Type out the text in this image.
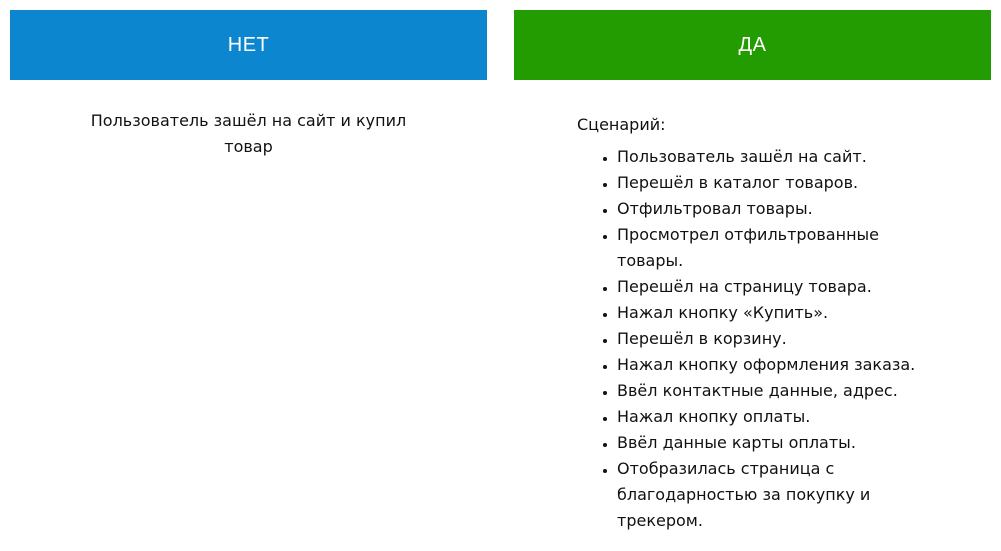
НЕТ
Пользователь зашёл на сайт и купил товар
ДА

Сценарий:

• Пользователь зашёл на сайт.
• Перешёл в каталог товаров.
• Отфильтровал товары.
• Просмотрел отфильтрованные товары.
• Перешёл на страницу товара.
• Нажал кнопку «Купить».
• Перешёл в корзину.
• Нажал кнопку оформления заказа.
• Ввёл контактные данные, адрес.
• Нажал кнопку оплаты.
• Ввёл данные карты оплаты.
• Отобразилась страница с благодарностью за покупку и трекером.
